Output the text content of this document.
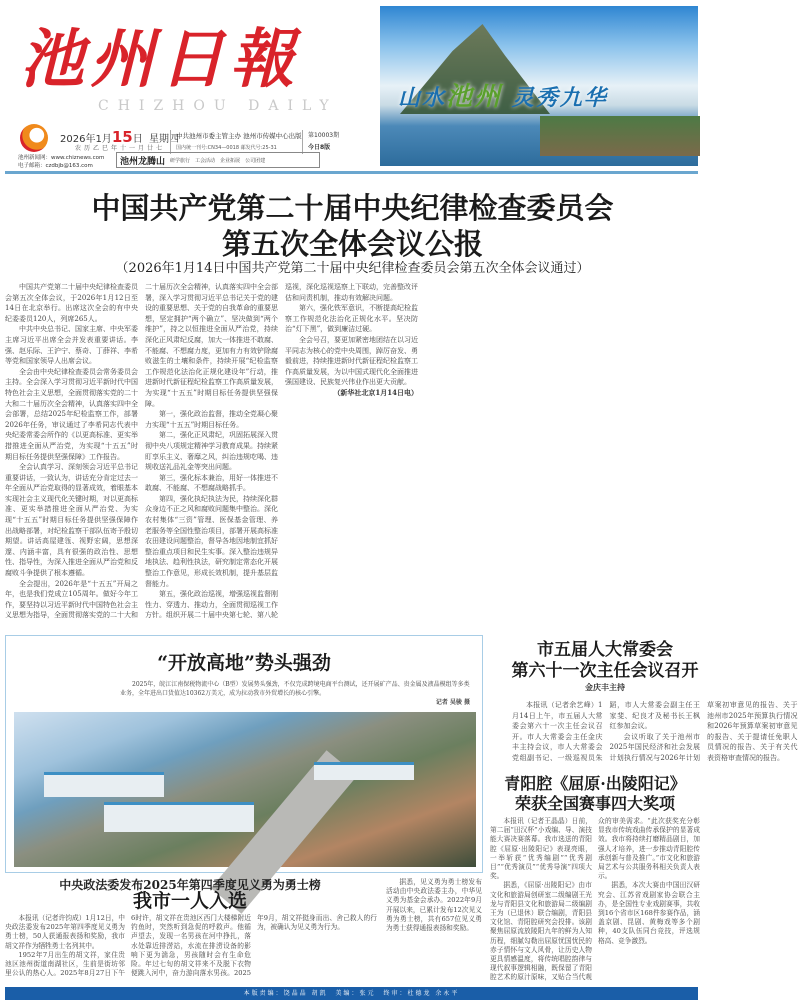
池州日報
CHIZHOU DAILY
2026年1月15日 星期四
农历乙巳年十一月廿七
中共池州市委主管主办 池州市传媒中心出版
国内统一刊号:CN34—0018 邮发代号:25-31
第10003期
今日8版
池州新闻网：www.chiznews.com
电子邮箱：czdbjb@163.com	池州龙腾山 研学旅行 工会活动 企业拓展 公司团建
山水池州 灵秀九华
中国共产党第二十届中央纪律检查委员会
第五次全体会议公报
（2026年1月14日中国共产党第二十届中央纪律检查委员会第五次全体会议通过）

中国共产党第二十届中央纪律检查委员会第五次全体会议，于2026年1月12日至14日在北京举行。出席这次全会的有中央纪委委员120人，列席265人。

中共中央总书记、国家主席、中央军委主席习近平出席全会并发表重要讲话。李强、赵乐际、王沪宁、蔡奇、丁薛祥、李希等党和国家领导人出席会议。

全会由中央纪律检查委员会常务委员会主持。全会深入学习贯彻习近平新时代中国特色社会主义思想，全面贯彻落实党的二十大和二十届历次全会精神，认真落实四中全会部署，总结2025年纪检监察工作，部署2026年任务，审议通过了李希同志代表中央纪委常委会所作的《以更高标准、更实举措推进全面从严治党，为实现“十五五”时期目标任务提供坚强保障》工作报告。

全会认真学习、深刻领会习近平总书记重要讲话，一致认为，讲话充分肯定过去一年全面从严治党取得的显著成效，着眼基本实现社会主义现代化关键时期，对以更高标准、更实举措推进全面从严治党、为实现“十五五”时期目标任务提供坚强保障作出战略部署，对纪检监察干部队伍寄予殷切期望。讲话高屋建瓴、视野宏阔，思想深邃、内涵丰富，具有很强的政治性、思想性、指导性，为深入推进全面从严治党和反腐败斗争提供了根本遵循。

全会提出，2026年是“十五五”开局之年，也是我们党成立105周年。做好今年工作，要坚持以习近平新时代中国特色社会主义思想为指导，全面贯彻落实党的二十大和二十届历次全会精神，认真落实四中全会部署，深入学习贯彻习近平总书记关于党的建设的重要思想、关于党的自我革命的重要思想，坚定拥护“两个确立”、坚决做到“两个维护”，持之以恒推进全面从严治党，持续深化正风肃纪反腐，加大一体推进不敢腐、不能腐、不想腐力度，更加有力有效铲除腐败滋生的土壤和条件，持续开展“纪检监察工作规范化法治化正规化建设年”行动，推进新时代新征程纪检监察工作高质量发展，为实现“十五五”时期目标任务提供坚强保障。

第一，强化政治监督，推动全党凝心聚力实现“十五五”时期目标任务。

第二，强化正风肃纪，巩固拓展深入贯彻中央八项规定精神学习教育成果。持续紧盯享乐主义、奢靡之风，纠治违规吃喝、违规收送礼品礼金等突出问题。

第三，强化标本兼治，用好一体推进不敢腐、不能腐、不想腐战略抓手。

第四，强化执纪执法为民，持续深化群众身边不正之风和腐败问题集中整治。深化农村集体“三资”管理、医保基金管理、养老服务等全国性整治项目，部署开展高标准农田建设问题整治，督导各地因地制宜抓好整治重点项目和民生实事。深入整治违规异地执法、趋利性执法，研究制定常态化开展整治工作意见，形成长效机制，提升基层监督能力。

第五，强化政治巡视，增强巡视监督刚性力、穿透力、推动力，全面贯彻巡视工作方针。组织开展二十届中央第七轮、第八轮巡视，深化巡视巡察上下联动，完善整改评估和问责机制，推动有效解决问题。

第六，强化铁军意识，不断提高纪检监察工作规范化法治化正规化水平。坚决防治“灯下黑”，做到廉洁过硬。

全会号召，要更加紧密地团结在以习近平同志为核心的党中央周围，踔厉奋发、勇毅前进，持续推进新时代新征程纪检监察工作高质量发展，为以中国式现代化全面推进强国建设、民族复兴伟业作出更大贡献。

（新华社北京1月14日电）

“开放高地”势头强劲
2025年，皖江江南保税物流中心（B型）发展势头强劲，不仅完成跨境电商平台测试，还开展矿产品、贵金属及液晶模组等多类业务，全年进出口货值达10362万美元，成为拉动我市外贸增长的核心引擎。
记者 吴骏 摄
市五届人大常委会
第六十一次主任会议召开
金庆丰主持

本报讯（记者余艺峰）1月14日上午，市五届人大常委会第六十一次主任会议召开。市人大常委会主任金庆丰主持会议，市人大常委会党组副书记、一级巡视员朱蹈，市人大常委会副主任王家斐、纪良才及秘书长王枫红参加会议。

会议听取了关于池州市2025年国民经济和社会发展计划执行情况与2026年计划草案初审意见的报告、关于池州市2025年预算执行情况和2026年预算草案初审意见的报告、关于提请任免职人员情况的报告、关于有关代表资格审查情况的报告。

青阳腔《屈原·出陵阳记》
荣获全国赛事四大奖项

本报讯（记者王晶晶）日前，第二届“田汉杯”小戏编、导、演技能大赛决赛落幕。我市选送的青阳腔《屈原·出陵阳记》表现亮眼，一举斩获“优秀编剧”“优秀剧目”“优秀演员”“优秀导演”四项大奖。

据悉，《屈原·出陵阳记》由市文化和旅游局创研室二级编剧王光龙与青阳县文化和旅游局二级编剧王为（已退休）联合编剧，青阳县文化馆、青阳腔研究会投排。该剧聚焦屈原流放陵阳九年的鲜为人知历程，细腻勾勒出屈原忧国忧民的赤子情怀与文人风骨，让历史人物更具情感温度，将传统唱腔韵律与现代叙事逻辑相融，既保留了青阳腔艺术的原汁原味，又贴合当代观众的审美需求。“此次获奖充分彰显我市传统戏曲传承保护的显著成效。我市将持续打磨精品剧目，加强人才培养，进一步推动青阳腔传承创新与普及推广。”市文化和旅游局艺术与公共服务科相关负责人表示。

据悉，本次大赛由中国田汉研究会、江苏省戏剧家协会联合主办，是全国性专业戏剧赛事，共收到16个省市区168件参赛作品，涵盖京剧、昆剧、黄梅戏等多个剧种，40支队伍同台竞技，评选规格高、竞争激烈。

中央政法委发布2025年第四季度见义勇为勇士榜
我市一人入选

本报讯（记者许钧成）1月12日，中央政法委发布2025年第四季度见义勇为勇士榜，50人获通报表扬和奖励，我市胡文祥作为牺牲勇士名列其中。

1952年7月出生的胡文祥，家住贵池区池州街道南湖社区，生前是街坊邻里公认的热心人。2025年8月27日下午6时许，胡文祥在贵池区西门大楼梯附近钓鱼时，突然听到急促的呼救声。他循声望去，发现一名男孩在河中挣扎，落水处靠近排涝站，水流在排涝设备的影响下更为湍急，男孩随时会有生命危险。年过七旬的胡文祥来不及脱下衣物便跳入河中，奋力游向落水男孩。2025年9月，胡文祥挺身而出、舍己救人的行为，被确认为见义勇为行为。

据悉，见义勇为勇士榜发布活动由中央政法委主办，中华见义勇为基金会承办。2022年9月开展以来，已累计发布12次见义勇为勇士榜，共有657位见义勇为勇士获得通报表扬和奖励。

本版责编：饶晶晶 胡凯　美编：张元　终审：杜德龙 余永平
